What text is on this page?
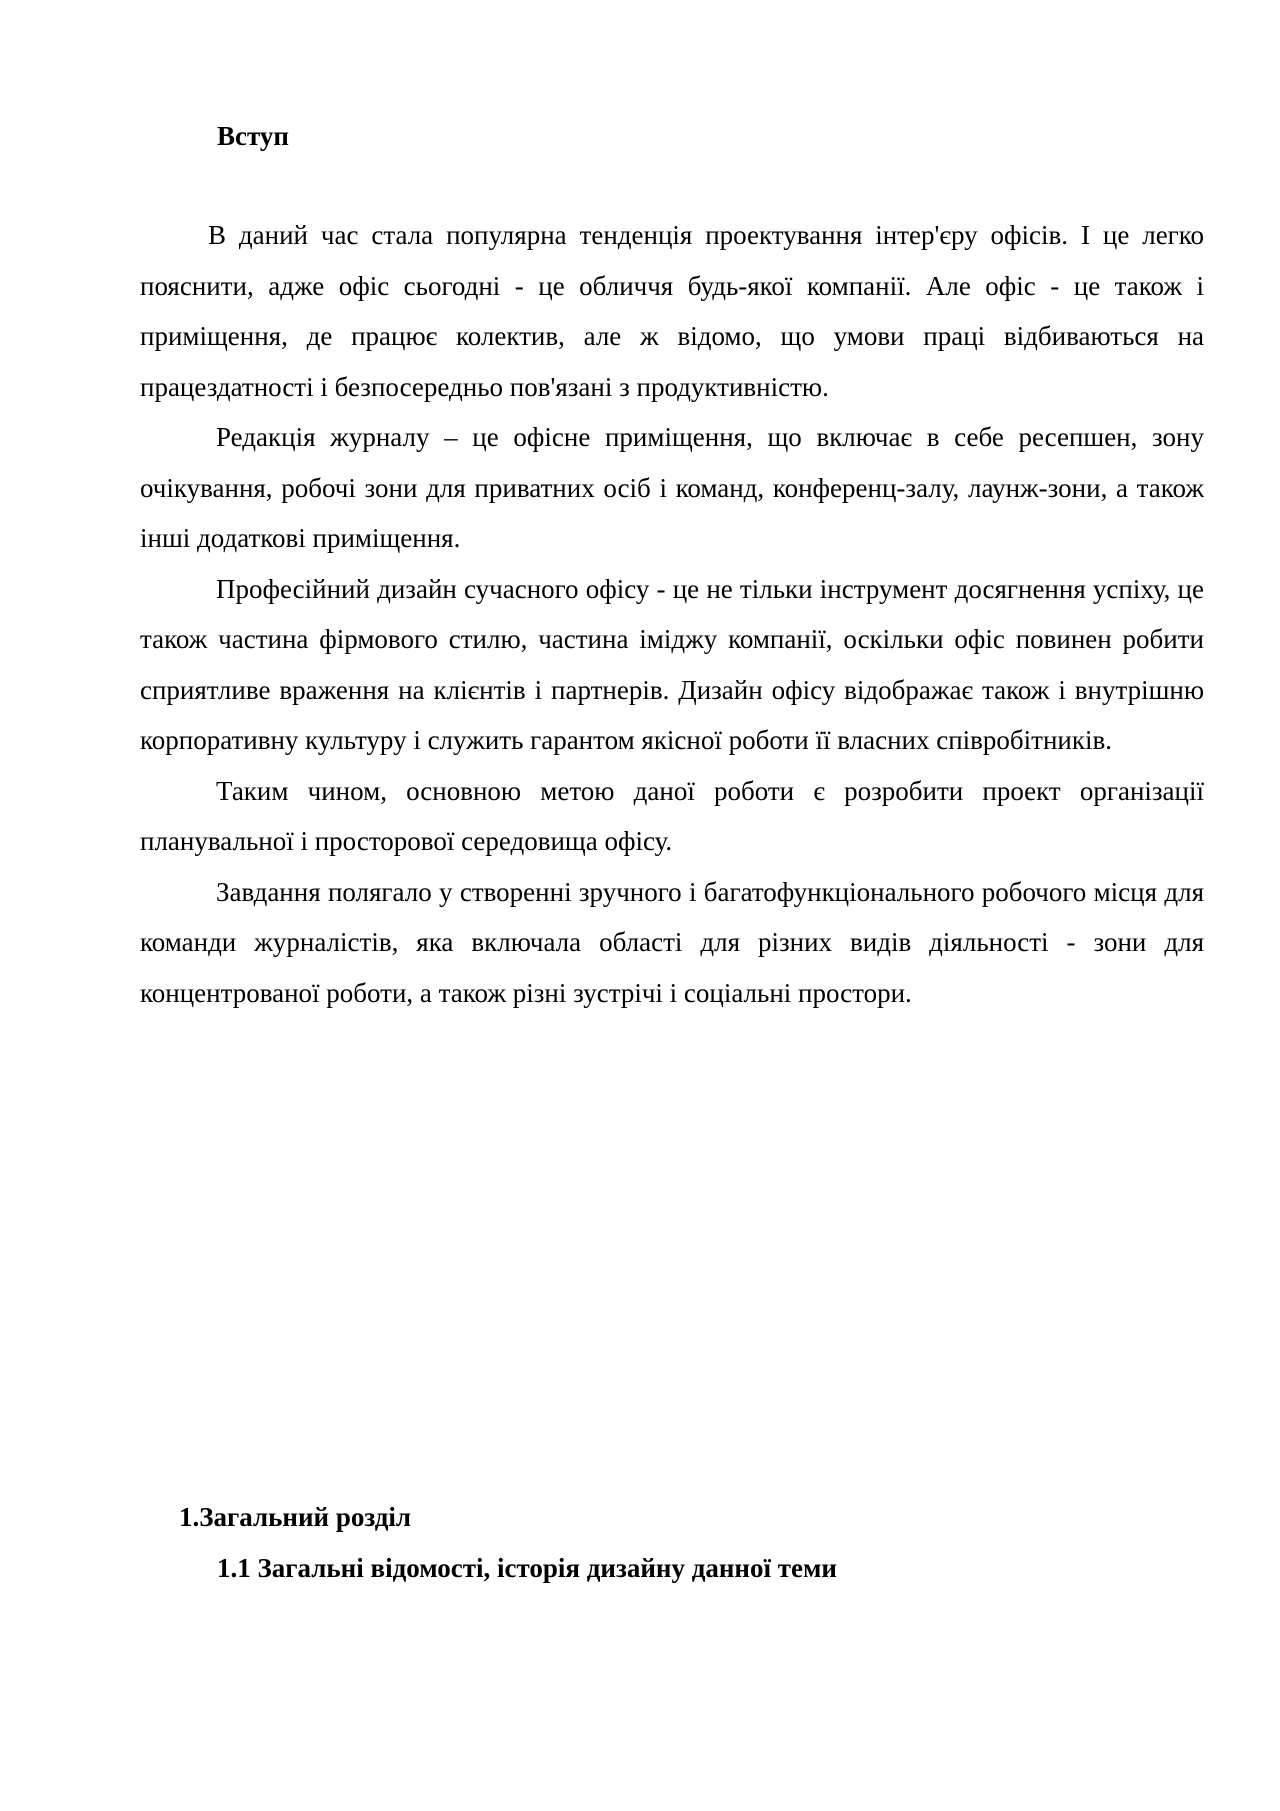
Вступ

В даний час стала популярна тенденція проектування інтер'єру офісів. І це легко пояснити, адже офіс сьогодні - це обличчя будь-якої компанії. Але офіс - це також і приміщення, де працює колектив, але ж відомо, що умови праці відбиваються на працездатності і безпосередньо пов'язані з продуктивністю.

Редакція журналу – це офісне приміщення, що включає в себе ресепшен, зону очікування, робочі зони для приватних осіб і команд, конференц-залу, лаунж-зони, а також інші додаткові приміщення.

Професійний дизайн сучасного офісу - це не тільки інструмент досягнення успіху, це також частина фірмового стилю, частина іміджу компанії, оскільки офіс повинен робити сприятливе враження на клієнтів і партнерів. Дизайн офісу відображає також і внутрішню корпоративну культуру і служить гарантом якісної роботи її власних співробітників.

Таким чином, основною метою даної роботи є розробити проект організації планувальної і просторової середовища офісу.

Завдання полягало у створенні зручного і багатофункціонального робочого місця для команди журналістів, яка включала області для різних видів діяльності - зони для концентрованої роботи, а також різні зустрічі і соціальні простори.

1.Загальний розділ
1.1 Загальні відомості, історія дизайну данної теми
